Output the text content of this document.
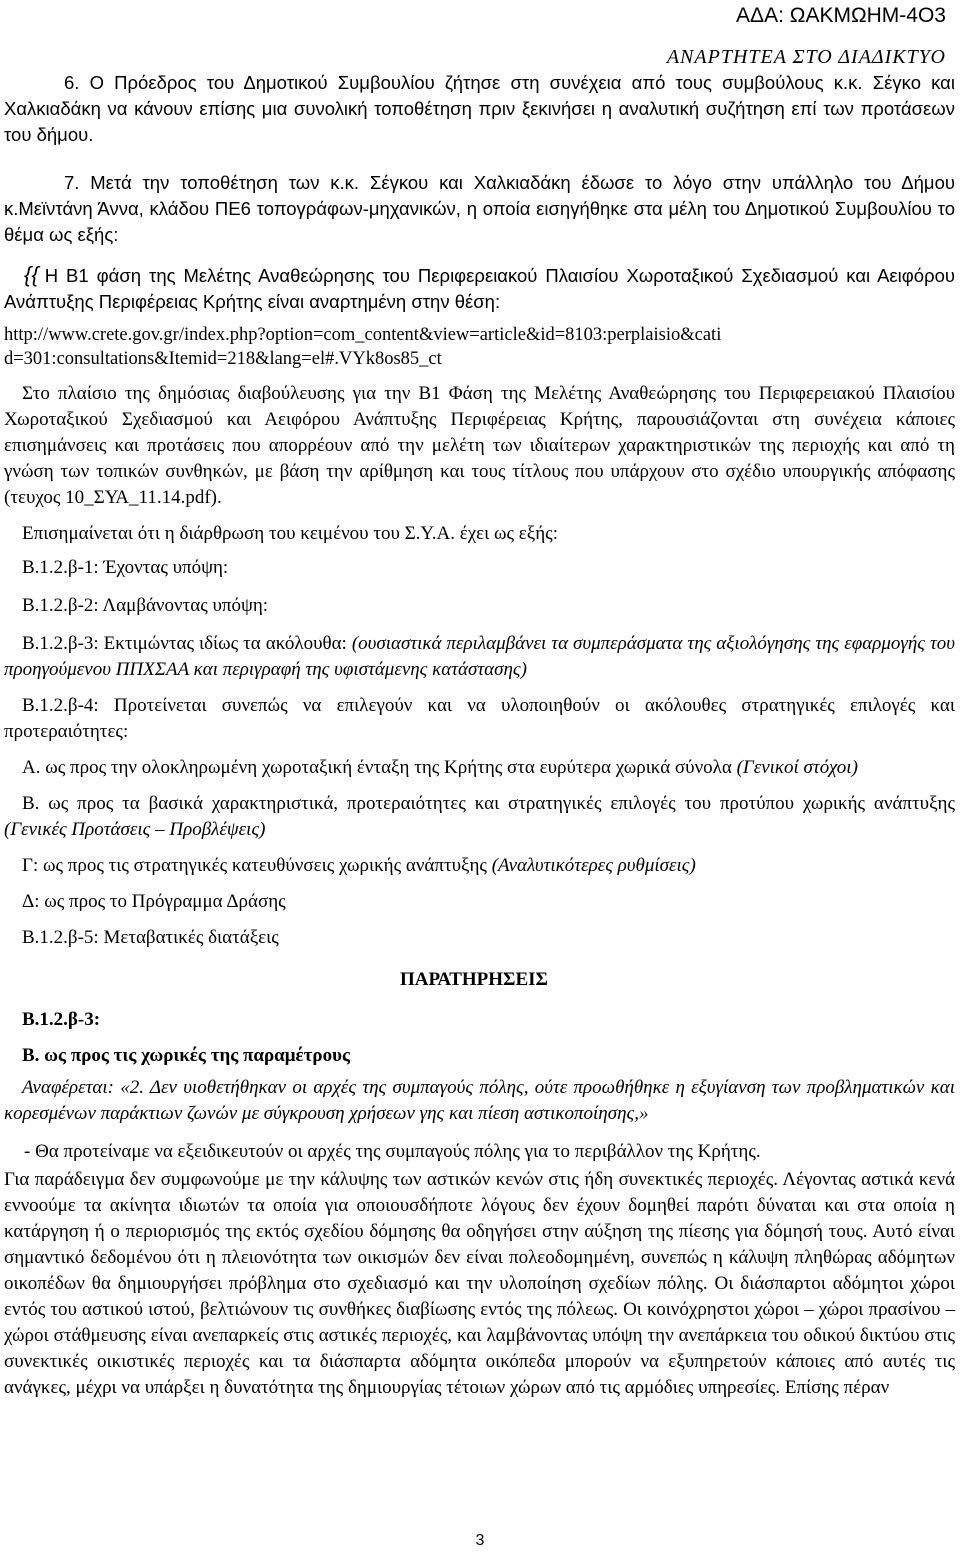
ΑΔΑ: ΩΑΚΜΩΗΜ-4Ο3
ΑΝΑΡΤΗΤΕΑ ΣΤΟ ΔΙΑΔΙΚΤΥΟ

6. Ο Πρόεδρος του Δημοτικού Συμβουλίου ζήτησε στη συνέχεια από τους συμβούλους κ.κ. Σέγκο και Χαλκιαδάκη να κάνουν επίσης μια συνολική τοποθέτηση πριν ξεκινήσει η αναλυτική συζήτηση επί των προτάσεων του δήμου.

7. Μετά την τοποθέτηση των κ.κ. Σέγκου και Χαλκιαδάκη έδωσε το λόγο στην υπάλληλο του Δήμου κ.Μεϊντάνη Άννα, κλάδου ΠΕ6 τοπογράφων-μηχανικών, η οποία εισηγήθηκε στα μέλη του Δημοτικού Συμβουλίου το θέμα ως εξής:

{{ Η Β1 φάση της Μελέτης Αναθεώρησης του Περιφερειακού Πλαισίου Χωροταξικού Σχεδιασμού και Αειφόρου Ανάπτυξης Περιφέρειας Κρήτης είναι αναρτημένη στην θέση:

http://www.crete.gov.gr/index.php?option=com_content&view=article&id=8103:perplaisio&cati

d=301:consultations&Itemid=218&lang=el#.VYk8os85_ct

Στο πλαίσιο της δημόσιας διαβούλευσης για την Β1 Φάση της Μελέτης Αναθεώρησης του Περιφερειακού Πλαισίου Χωροταξικού Σχεδιασμού και Αειφόρου Ανάπτυξης Περιφέρειας Κρήτης, παρουσιάζονται στη συνέχεια κάποιες επισημάνσεις και προτάσεις που απορρέουν από την μελέτη των ιδιαίτερων χαρακτηριστικών της περιοχής και από τη γνώση των τοπικών συνθηκών, με βάση την αρίθμηση και τους τίτλους που υπάρχουν στο σχέδιο υπουργικής απόφασης (τευχος 10_ΣΥΑ_11.14.pdf).

Επισημαίνεται ότι η διάρθρωση του κειμένου του Σ.Υ.Α. έχει ως εξής:

Β.1.2.β-1: Έχοντας υπόψη:

Β.1.2.β-2: Λαμβάνοντας υπόψη:

Β.1.2.β-3: Εκτιμώντας ιδίως τα ακόλουθα: (ουσιαστικά περιλαμβάνει τα συμπεράσματα της αξιολόγησης της εφαρμογής του προηγούμενου ΠΠΧΣΑΑ και περιγραφή της υφιστάμενης κατάστασης)

Β.1.2.β-4: Προτείνεται συνεπώς να επιλεγούν και να υλοποιηθούν οι ακόλουθες στρατηγικές επιλογές και προτεραιότητες:

Α. ως προς την ολοκληρωμένη χωροταξική ένταξη της Κρήτης στα ευρύτερα χωρικά σύνολα (Γενικοί στόχοι)

Β. ως προς τα βασικά χαρακτηριστικά, προτεραιότητες και στρατηγικές επιλογές του προτύπου χωρικής ανάπτυξης (Γενικές Προτάσεις – Προβλέψεις)

Γ: ως προς τις στρατηγικές κατευθύνσεις χωρικής ανάπτυξης (Αναλυτικότερες ρυθμίσεις)

Δ: ως προς το Πρόγραμμα Δράσης

Β.1.2.β-5: Μεταβατικές διατάξεις

ΠΑΡΑΤΗΡΗΣΕΙΣ

Β.1.2.β-3:

Β. ως προς τις χωρικές της παραμέτρους

Αναφέρεται: «2. Δεν υιοθετήθηκαν οι αρχές της συμπαγούς πόλης, ούτε προωθήθηκε η εξυγίανση των προβληματικών και κορεσμένων παράκτιων ζωνών με σύγκρουση χρήσεων γης και πίεση αστικοποίησης,»

- Θα προτείναμε να εξειδικευτούν οι αρχές της συμπαγούς πόλης για το περιβάλλον της Κρήτης.

Για παράδειγμα δεν συμφωνούμε με την κάλυψης των αστικών κενών στις ήδη συνεκτικές περιοχές. Λέγοντας αστικά κενά εννοούμε τα ακίνητα ιδιωτών τα οποία για οποιουσδήποτε λόγους δεν έχουν δομηθεί παρότι δύναται και στα οποία η κατάργηση ή ο περιορισμός της εκτός σχεδίου δόμησης θα οδηγήσει στην αύξηση της πίεσης για δόμησή τους. Αυτό είναι σημαντικό δεδομένου ότι η πλειονότητα των οικισμών δεν είναι πολεοδομημένη, συνεπώς η κάλυψη πληθώρας αδόμητων οικοπέδων θα δημιουργήσει πρόβλημα στο σχεδιασμό και την υλοποίηση σχεδίων πόλης. Οι διάσπαρτοι αδόμητοι χώροι εντός του αστικού ιστού, βελτιώνουν τις συνθήκες διαβίωσης εντός της πόλεως. Οι κοινόχρηστοι χώροι – χώροι πρασίνου – χώροι στάθμευσης είναι ανεπαρκείς στις αστικές περιοχές, και λαμβάνοντας υπόψη την ανεπάρκεια του οδικού δικτύου στις συνεκτικές οικιστικές περιοχές και τα διάσπαρτα αδόμητα οικόπεδα μπορούν να εξυπηρετούν κάποιες από αυτές τις ανάγκες, μέχρι να υπάρξει η δυνατότητα της δημιουργίας τέτοιων χώρων από τις αρμόδιες υπηρεσίες. Επίσης πέραν

3
